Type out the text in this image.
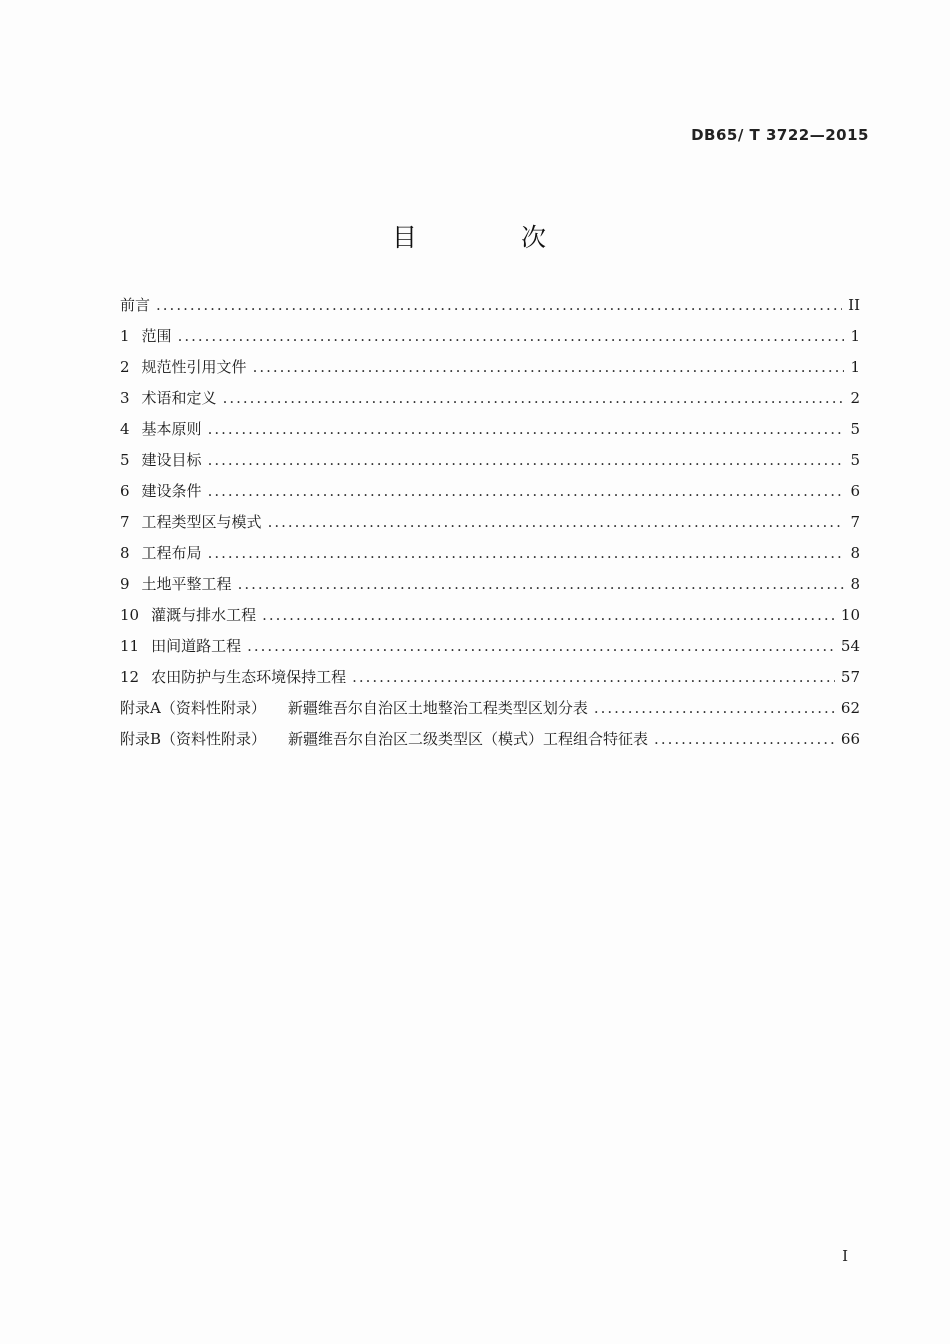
DB65/ T 3722—2015
目 次
前言 .....	II
1 范围 .....	1
2 规范性引用文件 .....	1
3 术语和定义 .....	2
4 基本原则 .....	5
5 建设目标 .....	5
6 建设条件 .....	6
7 工程类型区与模式 .....	7
8 工程布局 .....	8
9 土地平整工程 .....	8
10 灌溉与排水工程 .....	10
11 田间道路工程 .....	54
12 农田防护与生态环境保持工程 .....	57
附录A（资料性附录） 新疆维吾尔自治区土地整治工程类型区划分表 .....	62
附录B（资料性附录） 新疆维吾尔自治区二级类型区（模式）工程组合特征表 .....	66
I
